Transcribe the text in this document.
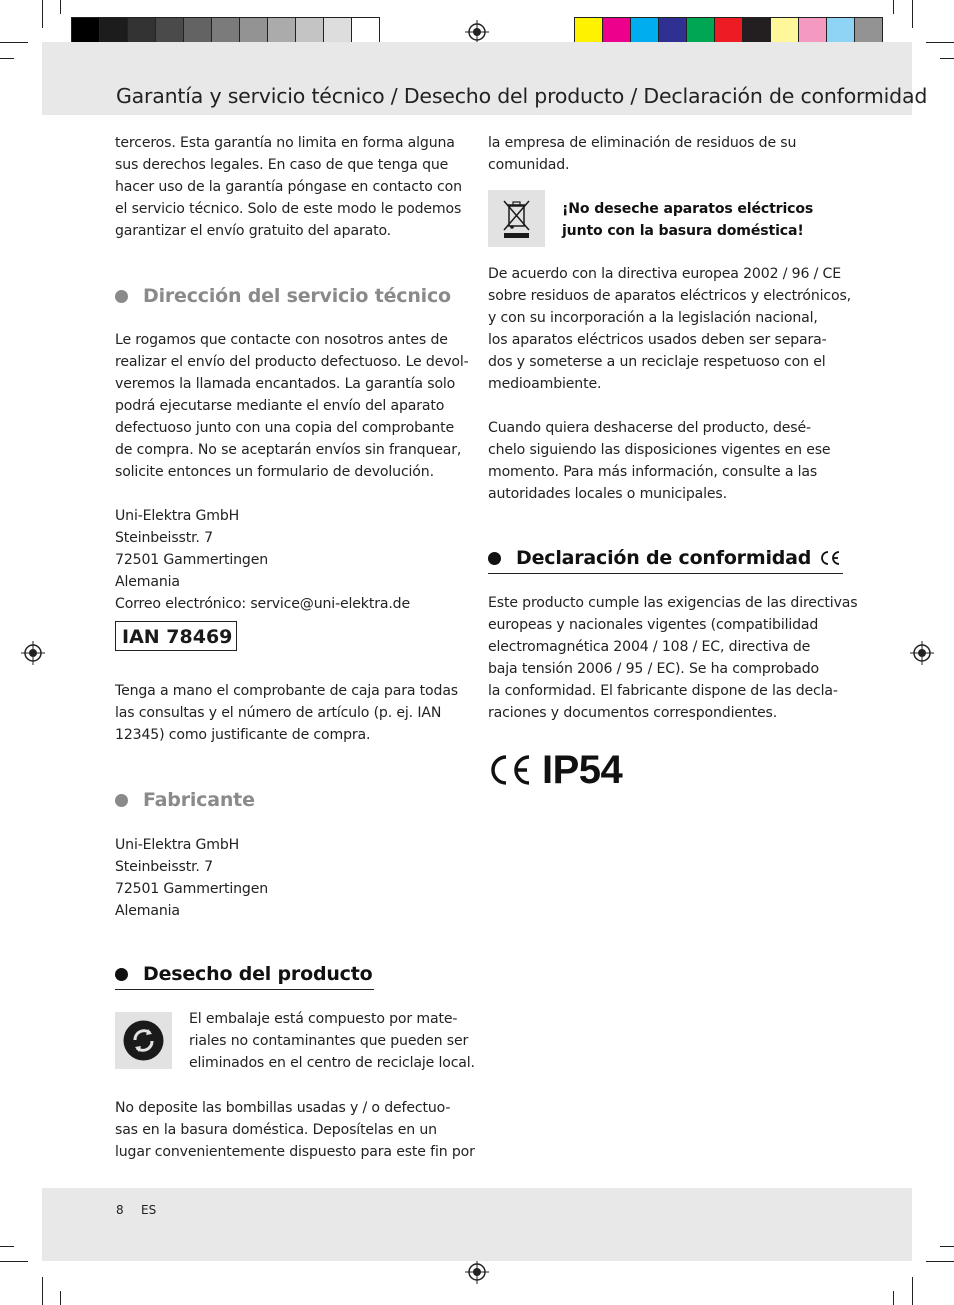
Garantía y servicio técnico / Desecho del producto / Declaración de conformidad

terceros. Esta garantía no limita en forma alguna
sus derechos legales. En caso de que tenga que
hacer uso de la garantía póngase en contacto con
el servicio técnico. Solo de este modo le podemos
garantizar el envío gratuito del aparato.

Dirección del servicio técnico

Le rogamos que contacte con nosotros antes de
realizar el envío del producto defectuoso. Le devol-
veremos la llamada encantados. La garantía solo
podrá ejecutarse mediante el envío del aparato
defectuoso junto con una copia del comprobante
de compra. No se aceptarán envíos sin franquear,
solicite entonces un formulario de devolución.

Uni-Elektra GmbH
Steinbeisstr. 7
72501 Gammertingen
Alemania
Correo electrónico: service@uni-elektra.de

IAN 78469

Tenga a mano el comprobante de caja para todas
las consultas y el número de artículo (p. ej. IAN
12345) como justificante de compra.

Fabricante

Uni-Elektra GmbH
Steinbeisstr. 7
72501 Gammertingen
Alemania

Desecho del producto

El embalaje está compuesto por mate-
riales no contaminantes que pueden ser
eliminados en el centro de reciclaje local.

No deposite las bombillas usadas y / o defectuo-
sas en la basura doméstica. Deposítelas en un
lugar convenientemente dispuesto para este fin por

la empresa de eliminación de residuos de su
comunidad.

¡No deseche aparatos eléctricos
junto con la basura doméstica!

De acuerdo con la directiva europea 2002 / 96 / CE
sobre residuos de aparatos eléctricos y electrónicos,
y con su incorporación a la legislación nacional,
los aparatos eléctricos usados deben ser separa-
dos y someterse a un reciclaje respetuoso con el
medioambiente.

Cuando quiera deshacerse del producto, desé-
chelo siguiendo las disposiciones vigentes en ese
momento. Para más información, consulte a las
autoridades locales o municipales.

Declaración de conformidad

Este producto cumple las exigencias de las directivas
europeas y nacionales vigentes (compatibilidad
electromagnética 2004 / 108 / EC, directiva de
baja tensión 2006 / 95 / EC). Se ha comprobado
la conformidad. El fabricante dispone de las decla-
raciones y documentos correspondientes.

IP54
8 ES
